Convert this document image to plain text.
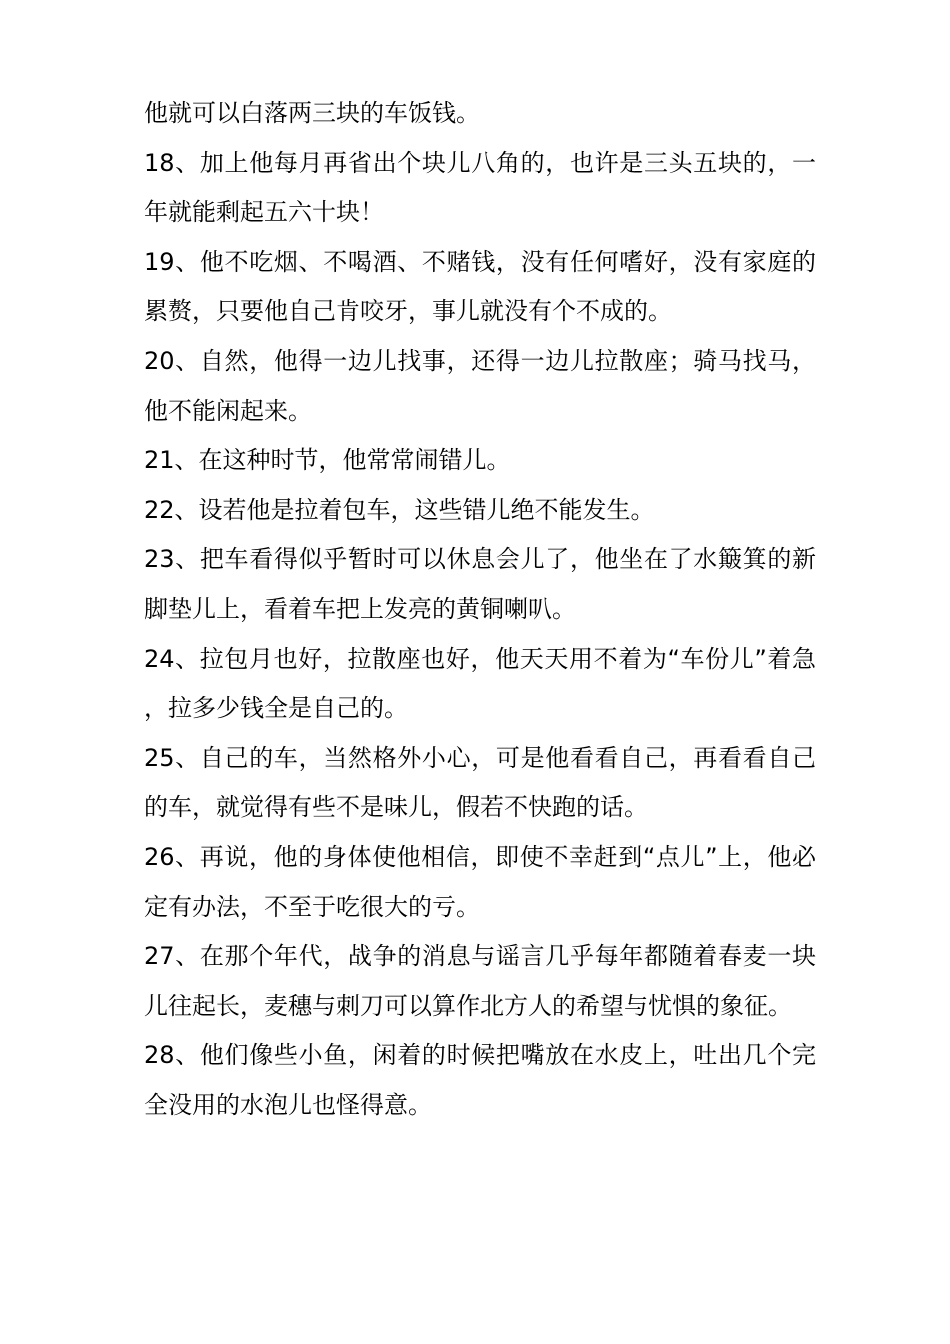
他就可以白落两三块的车饭钱。

18、加上他每月再省出个块儿八角的，也许是三头五块的，一年就能剩起五六十块！

19、他不吃烟、不喝酒、不赌钱，没有任何嗜好，没有家庭的累赘，只要他自己肯咬牙，事儿就没有个不成的。

20、自然，他得一边儿找事，还得一边儿拉散座；骑马找马，他不能闲起来。

21、在这种时节，他常常闹错儿。

22、设若他是拉着包车，这些错儿绝不能发生。

23、把车看得似乎暂时可以休息会儿了，他坐在了水簸箕的新脚垫儿上，看着车把上发亮的黄铜喇叭。

24、拉包月也好，拉散座也好，他天天用不着为“车份儿”着急，拉多少钱全是自己的。

25、自己的车，当然格外小心，可是他看看自己，再看看自己的车，就觉得有些不是味儿，假若不快跑的话。

26、再说，他的身体使他相信，即使不幸赶到“点儿”上，他必定有办法，不至于吃很大的亏。

27、在那个年代，战争的消息与谣言几乎每年都随着春麦一块儿往起长，麦穗与刺刀可以算作北方人的希望与忧惧的象征。

28、他们像些小鱼，闲着的时候把嘴放在水皮上，吐出几个完全没用的水泡儿也怪得意。
